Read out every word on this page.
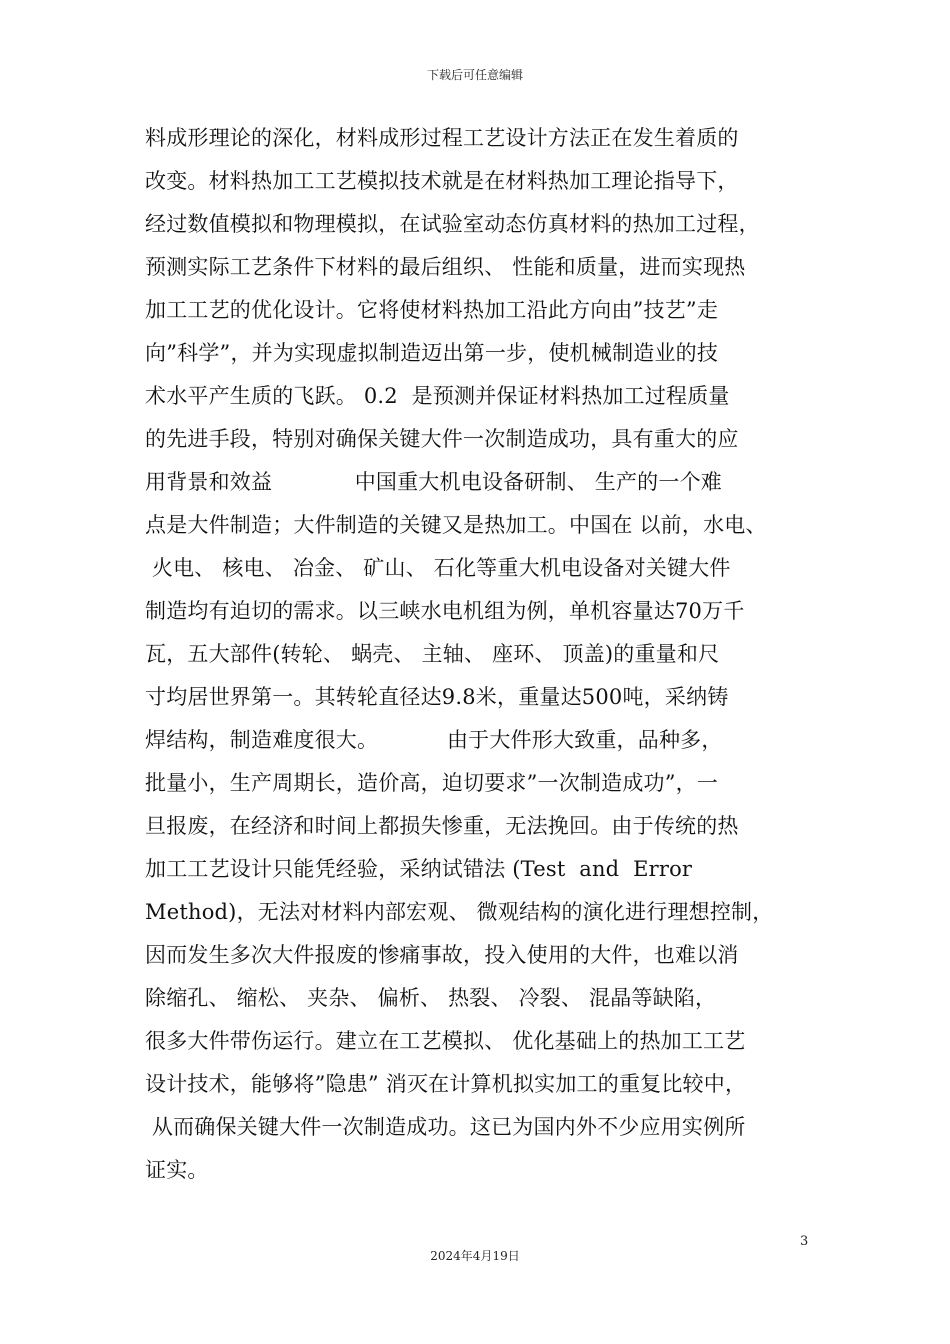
下载后可任意编辑
料成形理论的深化，材料成形过程工艺设计方法正在发生着质的
改变。材料热加工工艺模拟技术就是在材料热加工理论指导下，
经过数值模拟和物理模拟，在试验室动态仿真材料的热加工过程，
预测实际工艺条件下材料的最后组织、 性能和质量，进而实现热
加工工艺的优化设计。它将使材料热加工沿此方向由”技艺”走
向”科学”，并为实现虚拟制造迈出第一步，使机械制造业的技
术水平产生质的飞跃。 0.2  是预测并保证材料热加工过程质量
的先进手段，特别对确保关键大件一次制造成功，具有重大的应
用背景和效益            中国重大机电设备研制、 生产的一个难
点是大件制造；大件制造的关键又是热加工。中国在 以前，水电、
火电、 核电、 冶金、 矿山、 石化等重大机电设备对关键大件
制造均有迫切的需求。以三峡水电机组为例，单机容量达70万千
瓦，五大部件(转轮、 蜗壳、 主轴、 座环、 顶盖)的重量和尺
寸均居世界第一。其转轮直径达9.8米，重量达500吨，采纳铸
焊结构，制造难度很大。          由于大件形大致重，品种多，
批量小，生产周期长，造价高，迫切要求”一次制造成功”，一
旦报废，在经济和时间上都损失惨重，无法挽回。由于传统的热
加工工艺设计只能凭经验，采纳试错法 (Test  and  Error
Method)，无法对材料内部宏观、 微观结构的演化进行理想控制，
因而发生多次大件报废的惨痛事故，投入使用的大件，也难以消
除缩孔、 缩松、 夹杂、 偏析、 热裂、 冷裂、 混晶等缺陷，
很多大件带伤运行。建立在工艺模拟、 优化基础上的热加工工艺
设计技术，能够将”隐患” 消灭在计算机拟实加工的重复比较中，
从而确保关键大件一次制造成功。这已为国内外不少应用实例所
证实。
3
2024年4月19日
